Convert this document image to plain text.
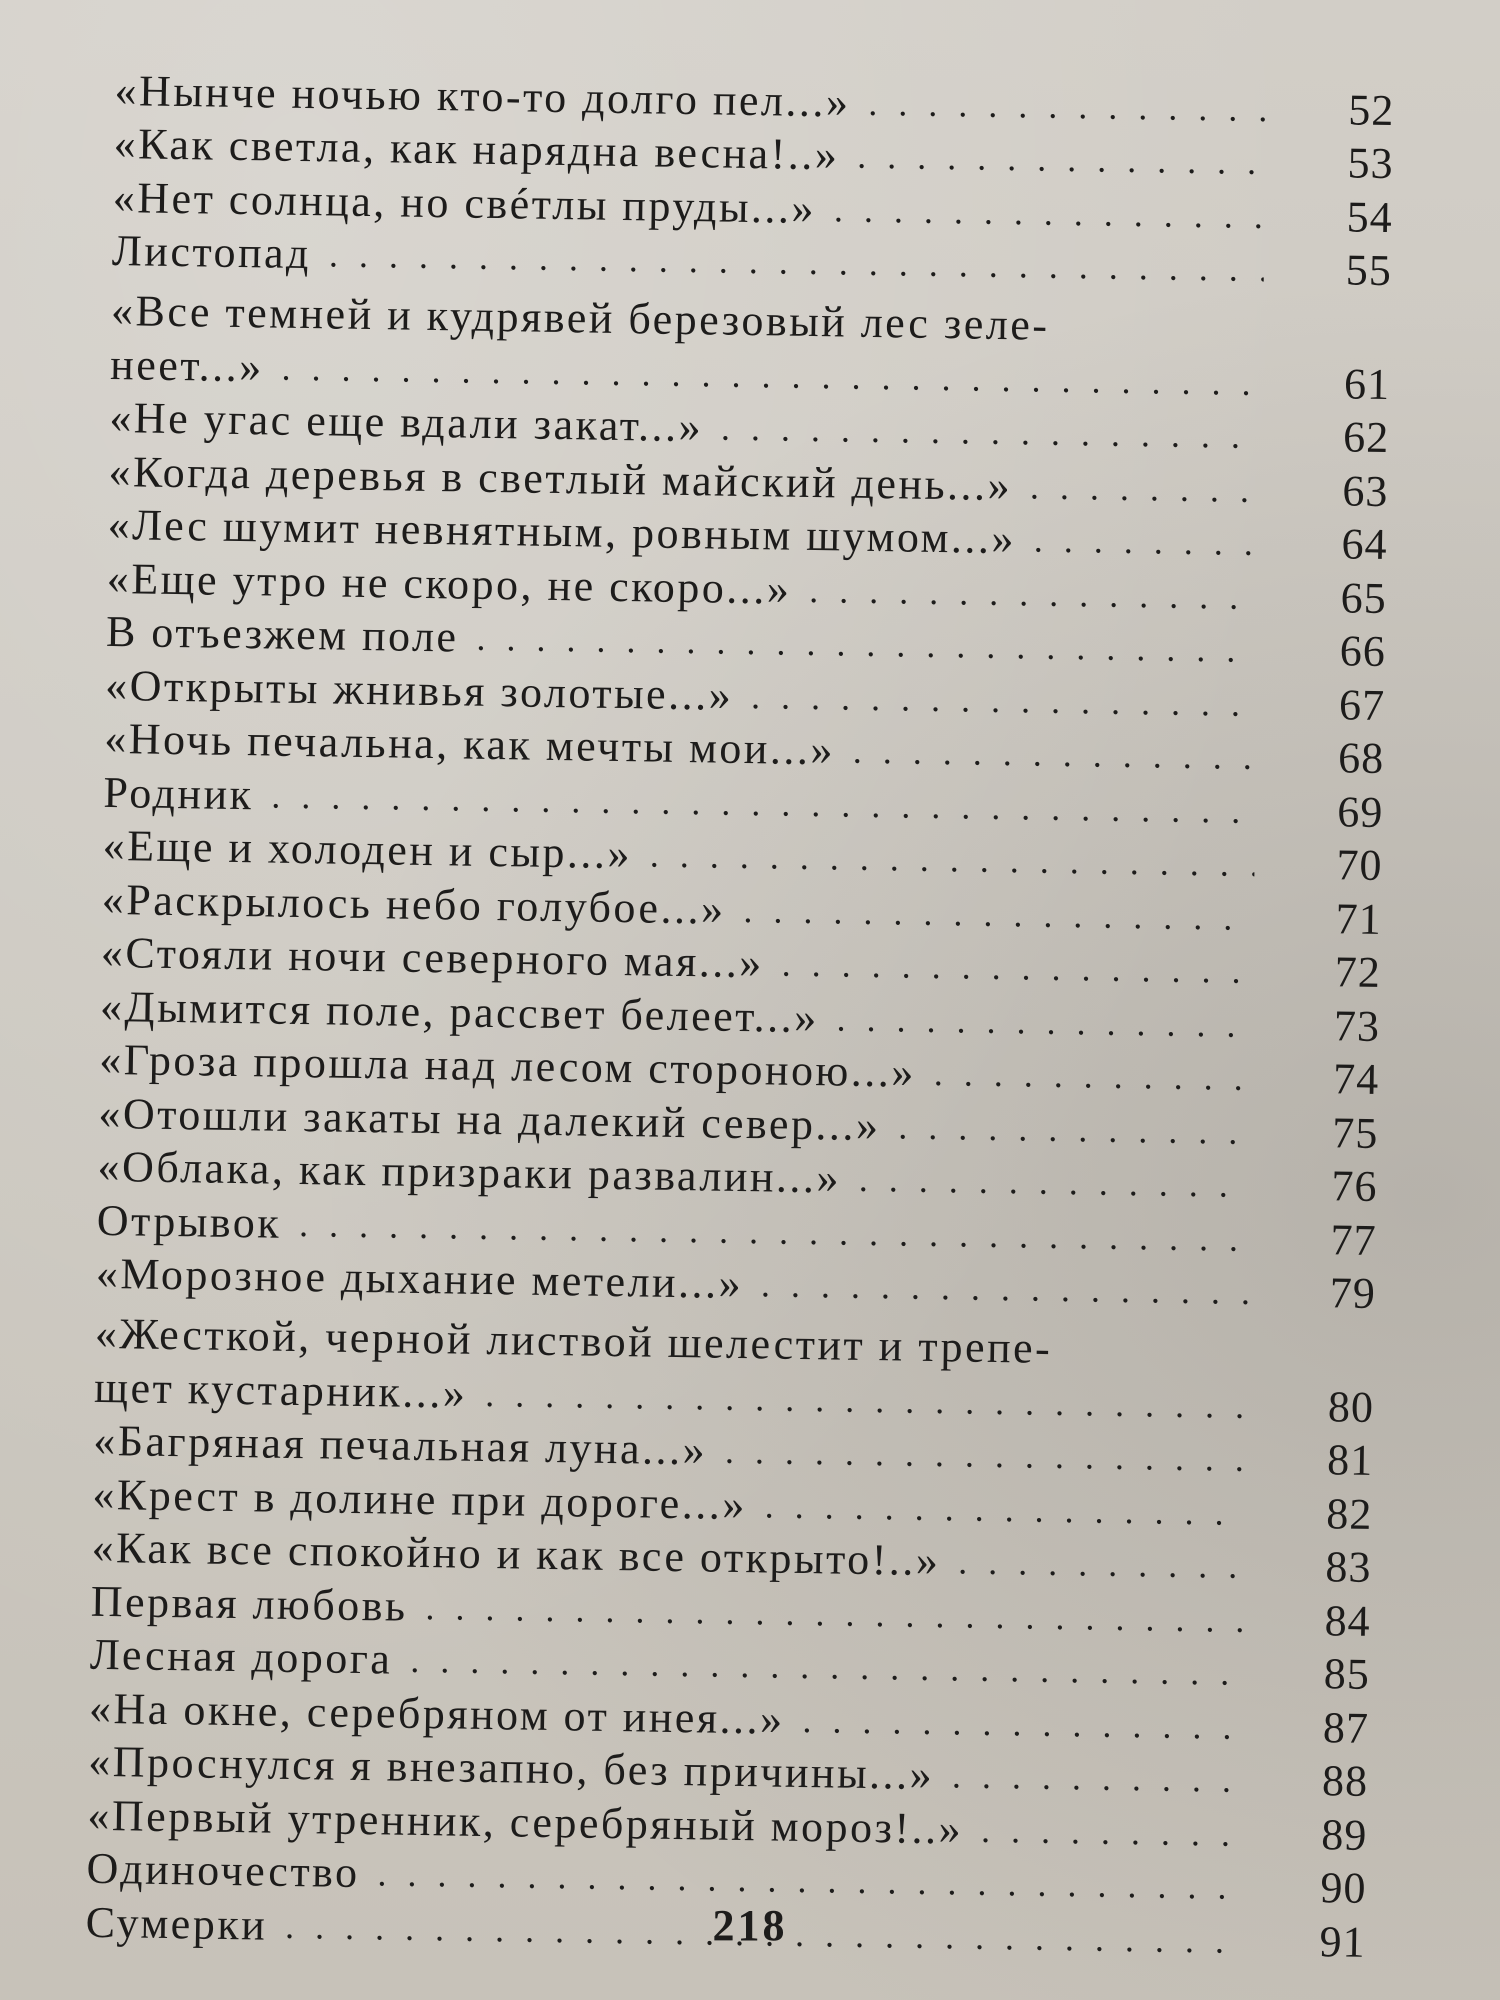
«Нынче ночью кто-то долго пел...» . . .	52
«Как светла, как нарядна весна!..» . . .	53
«Нет солнца, но свéтлы пруды...» . . .	54
Листопад . . .	55
«Все темней и кудрявей березовый лес зеле-
неет...» . . .	61
«Не угас еще вдали закат...» . . .	62
«Когда деревья в светлый майский день...» . . .	63
«Лес шумит невнятным, ровным шумом...» . . .	64
«Еще утро не скоро, не скоро...» . . .	65
В отъезжем поле . . .	66
«Открыты жнивья золотые...» . . .	67
«Ночь печальна, как мечты мои...» . . .	68
Родник . . .	69
«Еще и холоден и сыр...» . . .	70
«Раскрылось небо голубое...» . . .	71
«Стояли ночи северного мая...» . . .	72
«Дымится поле, рассвет белеет...» . . .	73
«Гроза прошла над лесом стороною...» . . .	74
«Отошли закаты на далекий север...» . . .	75
«Облака, как призраки развалин...» . . .	76
Отрывок . . .	77
«Морозное дыхание метели...» . . .	79
«Жесткой, черной листвой шелестит и трепе-
щет кустарник...» . . .	80
«Багряная печальная луна...» . . .	81
«Крест в долине при дороге...» . . .	82
«Как все спокойно и как все открыто!..» . . .	83
Первая любовь . . .	84
Лесная дорога . . .	85
«На окне, серебряном от инея...» . . .	87
«Проснулся я внезапно, без причины...» . . .	88
«Первый утренник, серебряный мороз!..» . . .	89
Одиночество . . .	90
Сумерки . . .	91
218
